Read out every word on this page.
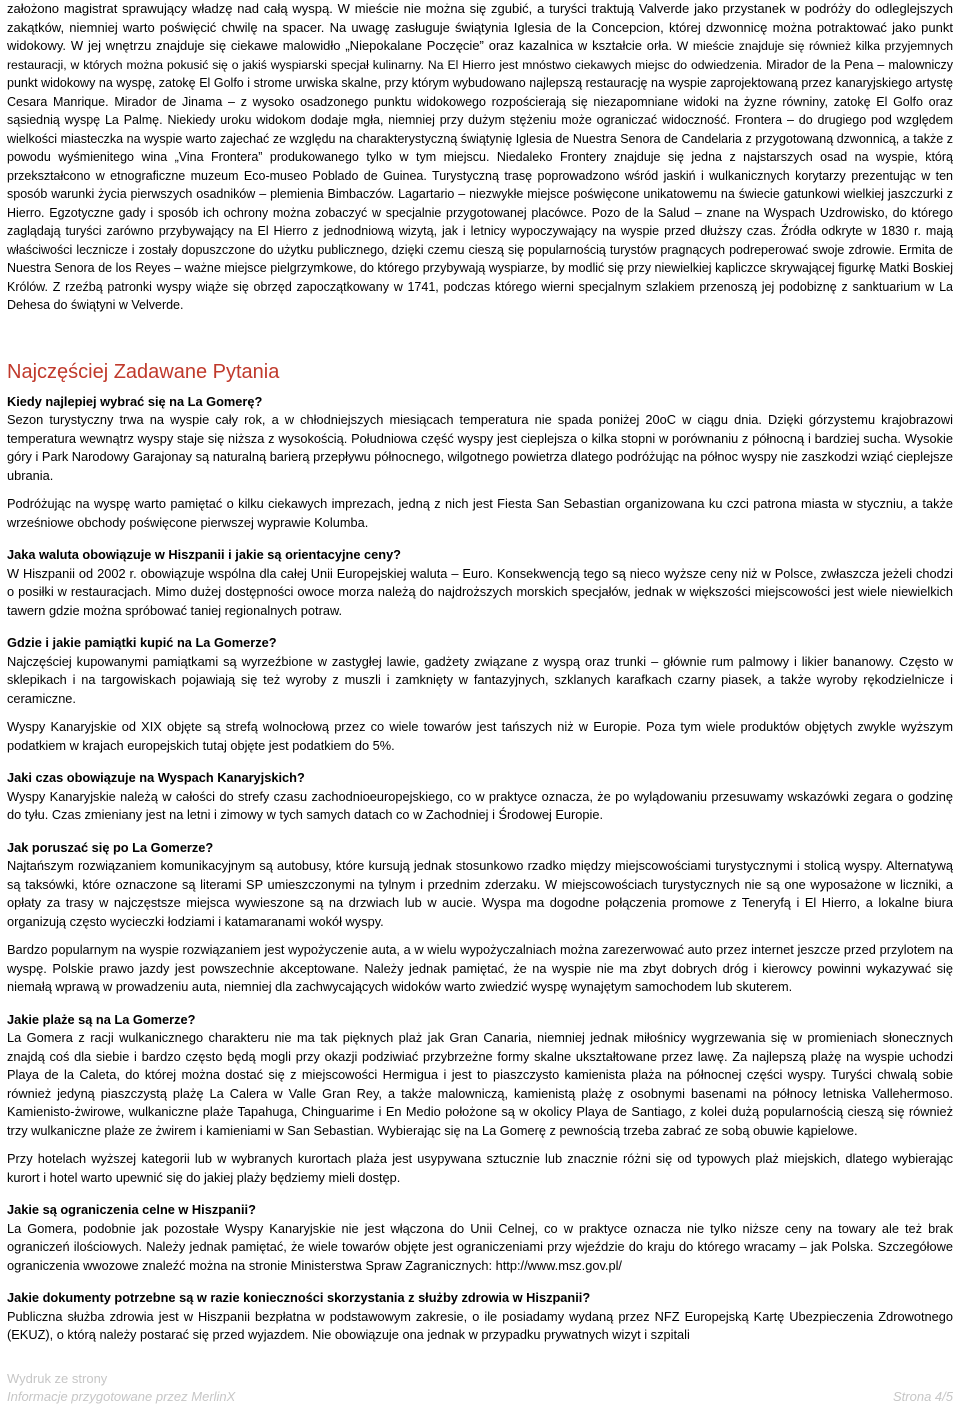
założono magistrat sprawujący władzę nad całą wyspą. W mieście nie można się zgubić, a turyści traktują Valverde jako przystanek w podróży do odleglejszych zakątków, niemniej warto poświęcić chwilę na spacer. Na uwagę zasługuje świątynia Iglesia de la Concepcion, której dzwonnicę można potraktować jako punkt widokowy. W jej wnętrzu znajduje się ciekawe malowidło „Niepokalane Poczęcie” oraz kazalnica w kształcie orła. W mieście znajduje się również kilka przyjemnych restauracji, w których można pokusić się o jakiś wyspiarski specjał kulinarny. Na El Hierro jest mnóstwo ciekawych miejsc do odwiedzenia. Mirador de la Pena – malowniczy punkt widokowy na wyspę, zatokę El Golfo i strome urwiska skalne, przy którym wybudowano najlepszą restaurację na wyspie zaprojektowaną przez kanaryjskiego artystę Cesara Manrique. Mirador de Jinama – z wysoko osadzonego punktu widokowego rozpościerają się niezapomniane widoki na żyzne równiny, zatokę El Golfo oraz sąsiednią wyspę La Palmę. Niekiedy uroku widokom dodaje mgła, niemniej przy dużym stężeniu może ograniczać widoczność. Frontera – do drugiego pod względem wielkości miasteczka na wyspie warto zajechać ze względu na charakterystyczną świątynię Iglesia de Nuestra Senora de Candelaria z przygotowaną dzwonnicą, a także z powodu wyśmienitego wina „Vina Frontera” produkowanego tylko w tym miejscu. Niedaleko Frontery znajduje się jedna z najstarszych osad na wyspie, którą przekształcono w etnograficzne muzeum Eco-museo Poblado de Guinea. Turystyczną trasę poprowadzono wśród jaskiń i wulkanicznych korytarzy prezentując w ten sposób warunki życia pierwszych osadników – plemienia Bimbaczów. Lagartario – niezwykłe miejsce poświęcone unikatowemu na świecie gatunkowi wielkiej jaszczurki z Hierro. Egzotyczne gady i sposób ich ochrony można zobaczyć w specjalnie przygotowanej placówce. Pozo de la Salud – znane na Wyspach Uzdrowisko, do którego zaglądają turyści zarówno przybywający na El Hierro z jednodniową wizytą, jak i letnicy wypoczywający na wyspie przed dłuższy czas. Źródła odkryte w 1830 r. mają właściwości lecznicze i zostały dopuszczone do użytku publicznego, dzięki czemu cieszą się popularnością turystów pragnących podreperować swoje zdrowie. Ermita de Nuestra Senora de los Reyes – ważne miejsce pielgrzymkowe, do którego przybywają wyspiarze, by modlić się przy niewielkiej kapliczce skrywającej figurkę Matki Boskiej Królów. Z rzeźbą patronki wyspy wiąże się obrzęd zapoczątkowany w 1741, podczas którego wierni specjalnym szlakiem przenoszą jej podobiznę z sanktuarium w La Dehesa do świątyni w Velverde.

Najczęściej Zadawane Pytania

Kiedy najlepiej wybrać się na La Gomerę?

Sezon turystyczny trwa na wyspie cały rok, a w chłodniejszych miesiącach temperatura nie spada poniżej 20oC w ciągu dnia. Dzięki górzystemu krajobrazowi temperatura wewnątrz wyspy staje się niższa z wysokością. Południowa część wyspy jest cieplejsza o kilka stopni w porównaniu z północną i bardziej sucha. Wysokie góry i Park Narodowy Garajonay są naturalną barierą przepływu północnego, wilgotnego powietrza dlatego podróżując na północ wyspy nie zaszkodzi wziąć cieplejsze ubrania.

Podróżując na wyspę warto pamiętać o kilku ciekawych imprezach, jedną z nich jest Fiesta San Sebastian organizowana ku czci patrona miasta w styczniu, a także wrześniowe obchody poświęcone pierwszej wyprawie Kolumba.

Jaka waluta obowiązuje w Hiszpanii i jakie są orientacyjne ceny?

W Hiszpanii od 2002 r. obowiązuje wspólna dla całej Unii Europejskiej waluta – Euro. Konsekwencją tego są nieco wyższe ceny niż w Polsce, zwłaszcza jeżeli chodzi o posiłki w restauracjach. Mimo dużej dostępności owoce morza należą do najdroższych morskich specjałów, jednak w większości miejscowości jest wiele niewielkich tawern gdzie można spróbować taniej regionalnych potraw.

Gdzie i jakie pamiątki kupić na La Gomerze?

Najczęściej kupowanymi pamiątkami są wyrzeźbione w zastygłej lawie, gadżety związane z wyspą oraz trunki – głównie rum palmowy i likier bananowy. Często w sklepikach i na targowiskach pojawiają się też wyroby z muszli i zamknięty w fantazyjnych, szklanych karafkach czarny piasek, a także wyroby rękodzielnicze i ceramiczne.

Wyspy Kanaryjskie od XIX objęte są strefą wolnocłową przez co wiele towarów jest tańszych niż w Europie. Poza tym wiele produktów objętych zwykle wyższym podatkiem w krajach europejskich tutaj objęte jest podatkiem do 5%.

Jaki czas obowiązuje na Wyspach Kanaryjskich?

Wyspy Kanaryjskie należą w całości do strefy czasu zachodnioeuropejskiego, co w praktyce oznacza, że po wylądowaniu przesuwamy wskazówki zegara o godzinę do tyłu. Czas zmieniany jest na letni i zimowy w tych samych datach co w Zachodniej i Środowej Europie.

Jak poruszać się po La Gomerze?

Najtańszym rozwiązaniem komunikacyjnym są autobusy, które kursują jednak stosunkowo rzadko między miejscowościami turystycznymi i stolicą wyspy. Alternatywą są taksówki, które oznaczone są literami SP umieszczonymi na tylnym i przednim zderzaku. W miejscowościach turystycznych nie są one wyposażone w liczniki, a opłaty za trasy w najczęstsze miejsca wywieszone są na drzwiach lub w aucie. Wyspa ma dogodne połączenia promowe z Teneryfą i El Hierro, a lokalne biura organizują często wycieczki łodziami i katamaranami wokół wyspy.

Bardzo popularnym na wyspie rozwiązaniem jest wypożyczenie auta, a w wielu wypożyczalniach można zarezerwować auto przez internet jeszcze przed przylotem na wyspę. Polskie prawo jazdy jest powszechnie akceptowane. Należy jednak pamiętać, że na wyspie nie ma zbyt dobrych dróg i kierowcy powinni wykazywać się niemałą wprawą w prowadzeniu auta, niemniej dla zachwycających widoków warto zwiedzić wyspę wynajętym samochodem lub skuterem.

Jakie plaże są na La Gomerze?

La Gomera z racji wulkanicznego charakteru nie ma tak pięknych plaż jak Gran Canaria, niemniej jednak miłośnicy wygrzewania się w promieniach słonecznych znajdą coś dla siebie i bardzo często będą mogli przy okazji podziwiać przybrzeżne formy skalne ukształtowane przez lawę. Za najlepszą plażę na wyspie uchodzi Playa de la Caleta, do której można dostać się z miejscowości Hermigua i jest to piaszczysto kamienista plaża na północnej części wyspy. Turyści chwalą sobie również jedyną piaszczystą plażę La Calera w Valle Gran Rey, a także malowniczą, kamienistą plażę z osobnymi basenami na północy letniska Vallehermoso. Kamienisto-żwirowe, wulkaniczne plaże Tapahuga, Chinguarime i En Medio położone są w okolicy Playa de Santiago, z kolei dużą popularnością cieszą się również trzy wulkaniczne plaże ze żwirem i kamieniami w San Sebastian. Wybierając się na La Gomerę z pewnością trzeba zabrać ze sobą obuwie kąpielowe.

Przy hotelach wyższej kategorii lub w wybranych kurortach plaża jest usypywana sztucznie lub znacznie różni się od typowych plaż miejskich, dlatego wybierając kurort i hotel warto upewnić się do jakiej plaży będziemy mieli dostęp.

Jakie są ograniczenia celne w Hiszpanii?

La Gomera, podobnie jak pozostałe Wyspy Kanaryjskie nie jest włączona do Unii Celnej, co w praktyce oznacza nie tylko niższe ceny na towary ale też brak ograniczeń ilościowych. Należy jednak pamiętać, że wiele towarów objęte jest ograniczeniami przy wjeździe do kraju do którego wracamy – jak Polska. Szczegółowe ograniczenia wwozowe znaleźć można na stronie Ministerstwa Spraw Zagranicznych: http://www.msz.gov.pl/

Jakie dokumenty potrzebne są w razie konieczności skorzystania z służby zdrowia w Hiszpanii?

Publiczna służba zdrowia jest w Hiszpanii bezpłatna w podstawowym zakresie, o ile posiadamy wydaną przez NFZ Europejską Kartę Ubezpieczenia Zdrowotnego (EKUZ), o którą należy postarać się przed wyjazdem. Nie obowiązuje ona jednak w przypadku prywatnych wizyt i szpitali

Wydruk ze strony
Informacje przygotowane przez MerlinX	Strona 4/5
